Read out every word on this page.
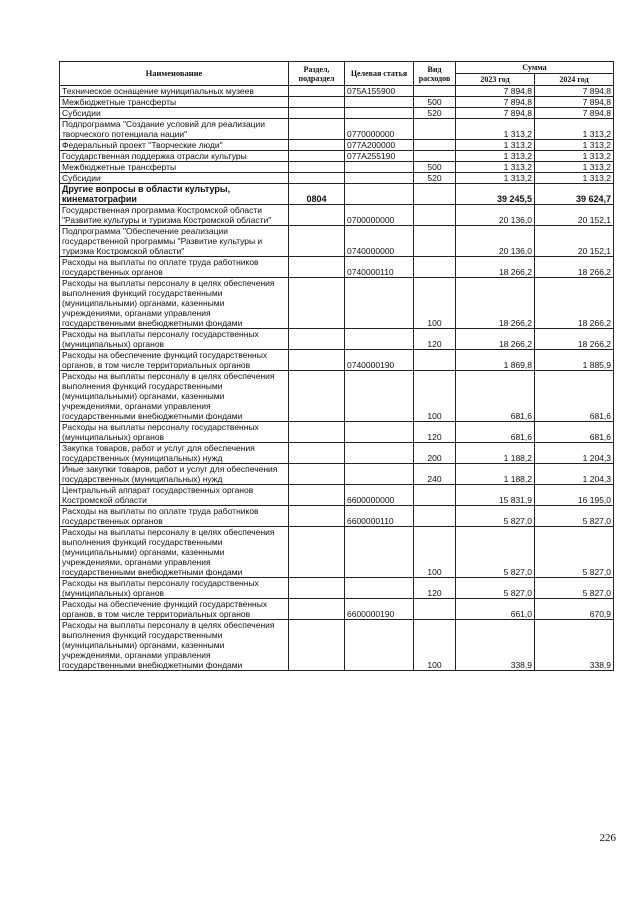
Наименование	Раздел, подраздел	Целевая статья	Вид расходов	Сумма	
				2023 год	2024 год
Техническое оснащение муниципальных музеев		075А155900		7 894,8	7 894,8
Межбюджетные трансферты			500	7 894,8	7 894,8
Субсидии			520	7 894,8	7 894,8
Подпрограмма "Создание условий для реализации творческого потенциала нации"		0770000000		1 313,2	1 313,2
Федеральный проект "Творческие люди"		077А200000		1 313,2	1 313,2
Государственная поддержка отрасли культуры		077А255190		1 313,2	1 313,2
Межбюджетные трансферты			500	1 313,2	1 313,2
Субсидии			520	1 313,2	1 313,2
Другие вопросы в области культуры, кинематографии	0804			39 245,5	39 624,7
Государственная программа Костромской области "Развитие культуры и туризма Костромской области"		0700000000		20 136,0	20 152,1
Подпрограмма "Обеспечение реализации государственной программы "Развитие культуры и туризма Костромской области"		0740000000		20 136,0	20 152,1
Расходы на выплаты по оплате труда работников государственных органов		0740000110		18 266,2	18 266,2
Расходы на выплаты персоналу в целях обеспечения выполнения функций государственными (муниципальными) органами, казенными учреждениями, органами управления государственными внебюджетными фондами			100	18 266,2	18 266,2
Расходы на выплаты персоналу государственных (муниципальных) органов			120	18 266,2	18 266,2
Расходы на обеспечение функций государственных органов, в том числе территориальных органов		0740000190		1 869,8	1 885,9
Расходы на выплаты персоналу в целях обеспечения выполнения функций государственными (муниципальными) органами, казенными учреждениями, органами управления государственными внебюджетными фондами			100	681,6	681,6
Расходы на выплаты персоналу государственных (муниципальных) органов			120	681,6	681,6
Закупка товаров, работ и услуг для обеспечения государственных (муниципальных) нужд			200	1 188,2	1 204,3
Иные закупки товаров, работ и услуг для обеспечения государственных (муниципальных) нужд			240	1 188,2	1 204,3
Центральный аппарат государственных органов Костромской области		6600000000		15 831,9	16 195,0
Расходы на выплаты по оплате труда работников государственных органов		6600000110		5 827,0	5 827,0
Расходы на выплаты персоналу в целях обеспечения выполнения функций государственными (муниципальными) органами, казенными учреждениями, органами управления государственными внебюджетными фондами			100	5 827,0	5 827,0
Расходы на выплаты персоналу государственных (муниципальных) органов			120	5 827,0	5 827,0
Расходы на обеспечение функций государственных органов, в том числе территориальных органов		6600000190		661,0	670,9
Расходы на выплаты персоналу в целях обеспечения выполнения функций государственными (муниципальными) органами, казенными учреждениями, органами управления государственными внебюджетными фондами			100	338,9	338,9
226
